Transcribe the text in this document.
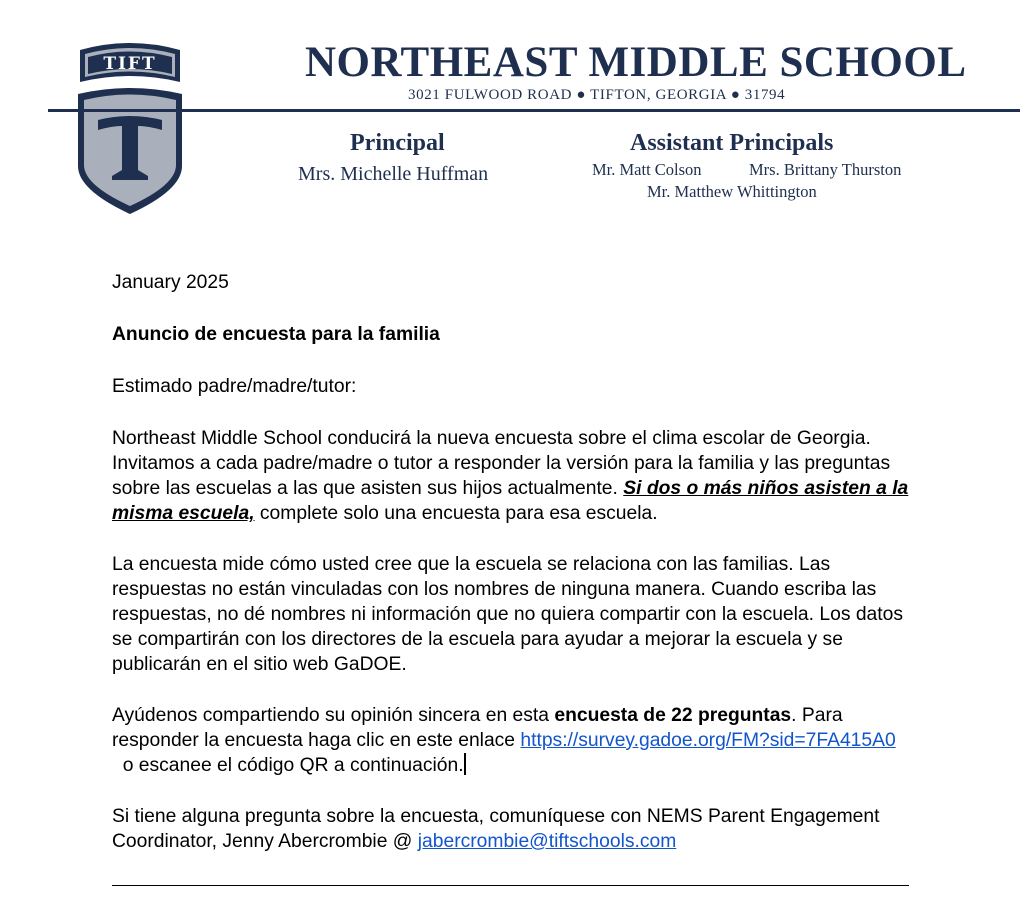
TIFT
T
NORTHEAST MIDDLE SCHOOL
3021 FULWOOD ROAD ● TIFTON, GEORGIA ● 31794
Principal
Mrs. Michelle Huffman
Assistant Principals
Mr. Matt Colson	Mrs. Brittany Thurston
Mr. Matthew Whittington

January 2025

Anuncio de encuesta para la familia

Estimado padre/madre/tutor:

Northeast Middle School conducirá la nueva encuesta sobre el clima escolar de Georgia. Invitamos a cada padre/madre o tutor a responder la versión para la familia y las preguntas sobre las escuelas a las que asisten sus hijos actualmente. Si dos o más niños asisten a la misma escuela, complete solo una encuesta para esa escuela.

La encuesta mide cómo usted cree que la escuela se relaciona con las familias. Las respuestas no están vinculadas con los nombres de ninguna manera. Cuando escriba las respuestas, no dé nombres ni información que no quiera compartir con la escuela. Los datos se compartirán con los directores de la escuela para ayudar a mejorar la escuela y se publicarán en el sitio web GaDOE.

Ayúdenos compartiendo su opinión sincera en esta encuesta de 22 preguntas. Para responder la encuesta haga clic en este enlace https://survey.gadoe.org/FM?sid=7FA415A0  o escanee el código QR a continuación.

Si tiene alguna pregunta sobre la encuesta, comuníquese con NEMS Parent Engagement Coordinator, Jenny Abercrombie @ jabercrombie@tiftschools.com
